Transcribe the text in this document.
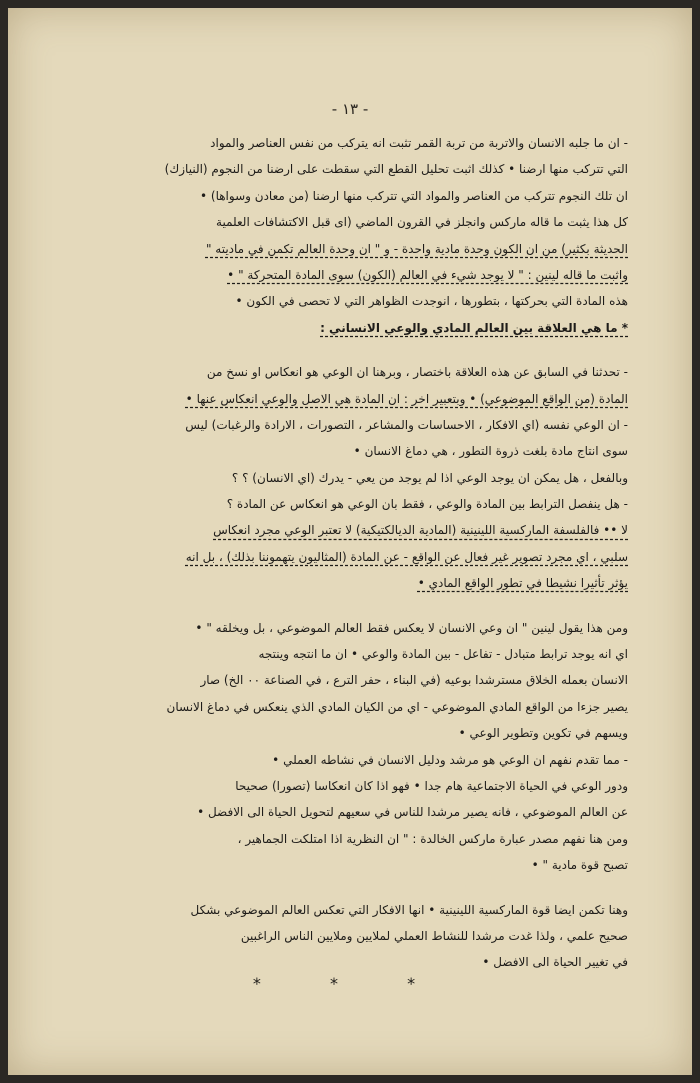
- ١٣ -
- ان ما جلبه الانسان والاتربة من تربة القمر تثبت انه يتركب من نفس العناصر والمواد
التي تتركب منها ارضنا • كذلك اثبت تحليل القطع التي سقطت على ارضنا من النجوم (النيازك)
ان تلك النجوم تتركب من العناصر والمواد التي تتركب منها ارضنا (من معادن وسواها) •
كل هذا يثبت ما قاله ماركس وانجلز في القرون الماضي (اى قبل الاكتشافات العلمية
الحديثة بكثير) من ان الكون وحدة مادية واحدة - و " ان وحدة العالم تكمن في ماديته "
واثبت ما قاله لينين : " لا يوجد شيء في العالم (الكون) سوى المادة المتحركة " •
هذه المادة التي بحركتها ، بتطورها ، انوجدت الظواهر التي لا تحصى في الكون •
* ما هي العلاقة بين العالم المادي والوعي الانساني :
- تحدثنا في السابق عن هذه العلاقة باختصار ، وبرهنا ان الوعي هو انعكاس او نسخ من
المادة (من الواقع الموضوعي) • وبتعبير اخر : ان المادة هي الاصل والوعي انعكاس عنها •
- ان الوعي نفسه (اي الافكار ، الاحساسات والمشاعر ، التصورات ، الارادة والرغبات) ليس
سوى انتاج مادة بلغت ذروة التطور ، هي دماغ الانسان •
وبالفعل ، هل يمكن ان يوجد الوعي اذا لم يوجد من يعي - يدرك (اي الانسان) ؟ ؟
- هل ينفصل الترابط بين المادة والوعي ، فقط بان الوعي هو انعكاس عن المادة ؟
لا •• فالفلسفة الماركسية اللينينية (المادية الديالكتيكية) لا تعتبر الوعي مجرد انعكاس
سلبي ، اي مجرد تصوير غير فعال عن الواقع - عن المادة (المثاليون يتهموننا بذلك) ، بل انه
يؤثر تأثيرا نشيطا في تطور الواقع المادي •
ومن هذا يقول لينين " ان وعي الانسان لا يعكس فقط العالم الموضوعي ، بل ويخلقه " •
اي انه يوجد ترابط متبادل - تفاعل - بين المادة والوعي • ان ما انتجه وينتجه
الانسان بعمله الخلاق مسترشدا بوعيه (في البناء ، حفر الترع ، في الصناعة ٠٠ الخ) صار
يصير جزءا من الواقع المادي الموضوعي - اي من الكيان المادي الذي ينعكس في دماغ الانسان
ويسهم في تكوين وتطوير الوعي •
- مما تقدم نفهم ان الوعي هو مرشد ودليل الانسان في نشاطه العملي •
ودور الوعي في الحياة الاجتماعية هام جدا • فهو اذا كان انعكاسا (تصورا) صحيحا
عن العالم الموضوعي ، فانه يصير مرشدا للناس في سعيهم لتحويل الحياة الى الافضل •
ومن هنا نفهم مصدر عبارة ماركس الخالدة : " ان النظرية اذا امتلكت الجماهير ،
تصبح قوة مادية " •
وهنا تكمن ايضا قوة الماركسية اللينينية • انها الافكار التي تعكس العالم الموضوعي بشكل
صحيح علمي ، ولذا غدت مرشدا للنشاط العملي لملايين وملايين الناس الراغبين
في تغيير الحياة الى الافضل •
* * *
